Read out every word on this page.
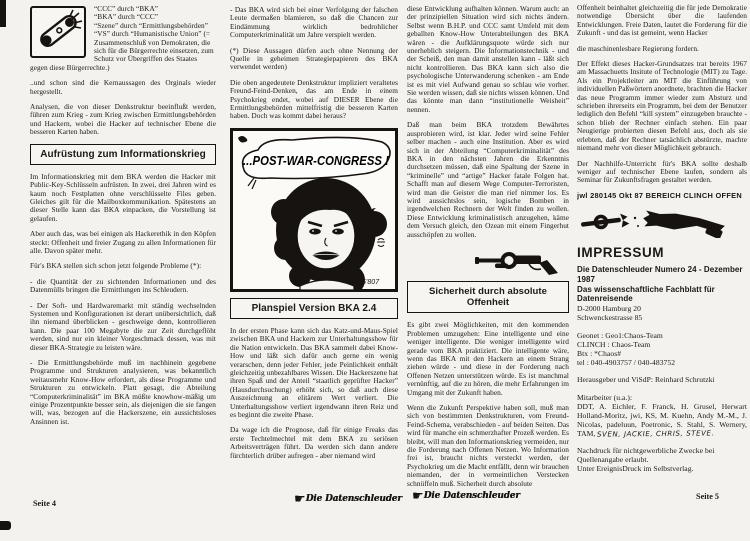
“CCC” durch “BKA”
“BKA” durch “CCC”
“Szene” durch “Ermittlungsbehörden”
“VS” durch “Humanistische Union” (= Zusammenschluß von Demokraten, die sich für die Bürgerrechte einsetzen, zum Schutz vor Übergriffen des Staates gegen diese Bürgerrechte.)

..und schon sind die Kernaussagen des Orginals wieder hergestellt.

Analysen, die von dieser Denkstruktur beeinflußt werden, führen zum Krieg - zum Krieg zwischen Ermittlungsbehörden und Hackern, wobei die Hacker auf technischer Ebene die besseren Karten haben.

Aufrüstung zum Informationskrieg

Im Informationskrieg mit dem BKA werden die Hacker mit Public-Key-Schlüsseln aufrüsten. In zwei, drei Jahren wird es kaum noch Festplatten ohne verschlüsselte Files geben. Gleiches gilt für die Mailboxkommunikation. Spätestens an dieser Stelle kann das BKA einpacken, die Vorstellung ist gelaufen.

Aber auch das, was bei einigen als Hackerethik in den Köpfen steckt: Offenheit und freier Zugang zu allen Informationen für alle. Davon später mehr.

Für's BKA stellen sich schon jetzt folgende Probleme (*):

- die Quantität der zu sichtenden Informationen und des Datenmülls bringen die Ermittlungen ins Schleudern.

- Der Soft- und Hardwaremarkt mit ständig wechselnden Systemen und Konfigurationen ist derart unübersichtlich, daß ihn niemand überblicken - geschweige denn, kontrollieren kann. Die paar 100 Megabyte die zur Zeit durchgeflöht werden, sind nur ein kleiner Vorgeschmack dessen, was mit dieser BKA-Strategie zu leisten wäre.

- Die Ermittlungsbehörde muß im nachhinein gegebene Programme und Strukturen analysieren, was bekanntlich weitausmehr Know-How erfordert, als diese Programme und Strukturen zu entwickeln. Platt gesagt, die Abteilung “Computerkriminalität” im BKA müßte knowhow-mäßig um einige Prozentpunkte besser sein, als diejenigen die sie fangen will, was, bezogen auf die Hackerszene, ein aussichtsloses Ansinnen ist.

- Das BKA wird sich bei einer Verfolgung der falschen Leute dermaßen blamieren, so daß die Chancen zur Eindämmung wirklich bedrohlicher Computerkriminalität um Jahre verspielt werden.

(*) Diese Aussagen dürfen auch ohne Nennung der Quelle in geheimen Strategiepapieren des BKA verwendet werden)

Die oben angedeutete Denkstruktur impliziert veraltetes Freund-Feind-Denken, das am Ende in einem Psychokrieg endet, wobei auf DIESER Ebene die Ermittlungsbehörden mittelfristig die besseren Karten haben. Doch was kommt dabei heraus?

...POST-WAR-CONGRESS !
5'807
Planspiel Version BKA 2.4

In der ersten Phase kann sich das Katz-und-Maus-Spiel zwischen BKA und Hackern zur Unterhaltungsshow für die Nation entwickeln. Das BKA sammelt dabei Know-How und läßt sich dafür auch gerne ein wenig verarschen, denn jeder Fehler, jede Peinlichkeit enthält gleichzeitig unbezahlbares Wissen. Die Hackerszene hat ihren Spaß und der Anteil “staatlich geprüfter Hacker” (Hausdurchsuchung) erhöht sich, so daß auch diese Auszeichnung an elitärem Wert verliert. Die Unterhaltungsshow verliert irgendwann ihren Reiz und es beginnt die zweite Phase.

Da wage ich die Prognose, daß für einige Freaks das erste Techtelmechtel mit dem BKA zu seriösen Arbeitsverträgen führt. Da werden sich dann andere fürchterlich drüber aufregen - aber niemand wird

diese Entwicklung aufhalten können. Warum auch: an der prinzipiellen Situation wird sich nichts ändern. Selbst wenn B.H.P. und CCC samt Umfeld mit dem geballten Know-How Unterabteilungen des BKA wären - die Aufklärungsquote würde sich nur unerheblich steigern. Die Informationstechnik - und der Scheiß, den man damit anstellen kann - läßt sich nicht kontrollieren. Das BKA kann sich also die psychologische Unterwanderung schenken - am Ende ist es mit viel Aufwand genau so schlau wie vorher. Sie werden wissen, daß sie nichts wissen können. Und das könnte man dann “institutionelle Weisheit” nennen.

Daß man beim BKA trotzdem Bewährtes ausprobieren wird, ist klar. Jeder wird seine Fehler selber machen - auch eine Institution. Aber es wird sich in der Abteilung “Computerkriminalität” des BKA in den nächsten Jahren die Erkenntnis durchsetzen müssen, daß eine Spaltung der Szene in “kriminelle” und “artige” Hacker fatale Folgen hat. Schafft man auf diesem Wege Computer-Terroristen, wird man die Geister die man rief nimmer los. Es wird aussichtslos sein, logische Bomben in irgendwelchen Rechnern der Welt finden zu wollen. Diese Entwicklung kriminalistisch anzugehen, käme dem Versuch gleich, den Ozean mit einem Fingerhut ausschöpfen zu wollen.

Sicherheit durch absolute Offenheit

Es gibt zwei Möglichkeiten, mit den kommenden Problemen umzugehen: Eine intelligente und eine weniger intelligente. Die weniger intelligente wird gerade vom BKA praktiziert. Die intelligente wäre, wenn das BKA mit den Hackern an einem Strang ziehen würde - und diese in der Forderung nach Offenen Netzen unterstützen würde. Es ist manchmal vernünftig, auf die zu hören, die mehr Erfahrungen im Umgang mit der Zukunft haben.

Wenn die Zukunft Perspektive haben soll, muß man sich von bestimmten Denkstrukturen, vom Freund-Feind-Schema, verabschieden - auf beiden Seiten. Das wird für manche ein schmerzhafter Prozeß werden. Es bleibt, will man den Informationskrieg vermeiden, nur die Forderung nach Offenen Netzen. Wo Information frei ist, braucht nichts versteckt werden, der Psychokrieg um die Macht entfällt, denn wir brauchen niemanden, der in vermeintlichen Verstecken schnüffeln muß. Sicherheit durch absolute

Offenheit beinhaltet gleichzeitig die für jede Demokratie notwendige Übersicht über die laufenden Entwicklungen. Freie Daten, lautet die Forderung für die Zukunft - und das ist gemeint, wenn Hacker

die maschinenlesbare Regierung fordern.

Der Effekt dieses Hacker-Grundsatzes trat bereits 1967 am Massachuetts Insitute of Technologie (MIT) zu Tage. Als ein Projektleiter am MIT die Einführung von individuellen Paßwörtern anordnete, brachten die Hacker das neue Programm immer wieder zum Absturz und schrieben ihrerseits ein Programm, bei dem der Benutzer lediglich den Befehl “kill system” einzugeben brauchte - schon blieb der Rechner einfach stehen. Ein paar Neugierige probierten diesen Befehl aus, doch als sie erlebten, daß der Rechner tatsächlich abstürzte, machte niemand mehr von dieser Möglichkeit gebrauch.

Der Nachhilfe-Unterricht für's BKA sollte deshalb weniger auf technischer Ebene laufen, sondern als Seminar für Zukunftsfragen gestaltet werden.

jwl 280145 Okt 87 BEREICH CLINCH OFFEN
IMPRESSUM

Die Datenschleuder Numero 24 - Dezember 1987

Das wissenschaftliche Fachblatt für Datenreisende

D-2000 Hamburg 20

Schwenckestrasse 85

Geonet : Geo1:Chaos-Team

CLINCH : Chaos-Team

Btx : *Chaos#

tel : 040-4903757 / 040-483752

Herausgeber und ViSdP: Reinhard Schrutzki

Mitarbeiter (u.a.):

DDT, A. Eichler, F. Franck, H. Grusel, Herwart Holland-Moritz, jwi, KS, M. Kuehn, Andy M.-M., J. Nicolas, padeluun, Poetronic, S. Stahl, S. Wernery, TAM, SVEN, JACKIE, CHRIS, STEVE.

Nachdruck für nichtgewerbliche Zwecke bei Quellenangabe erlaubt.

Unter EreignisDruck im Selbstverlag.

☛Die Datenschleuder ☛Die Datenschleuder
Seite 4
Seite 5
